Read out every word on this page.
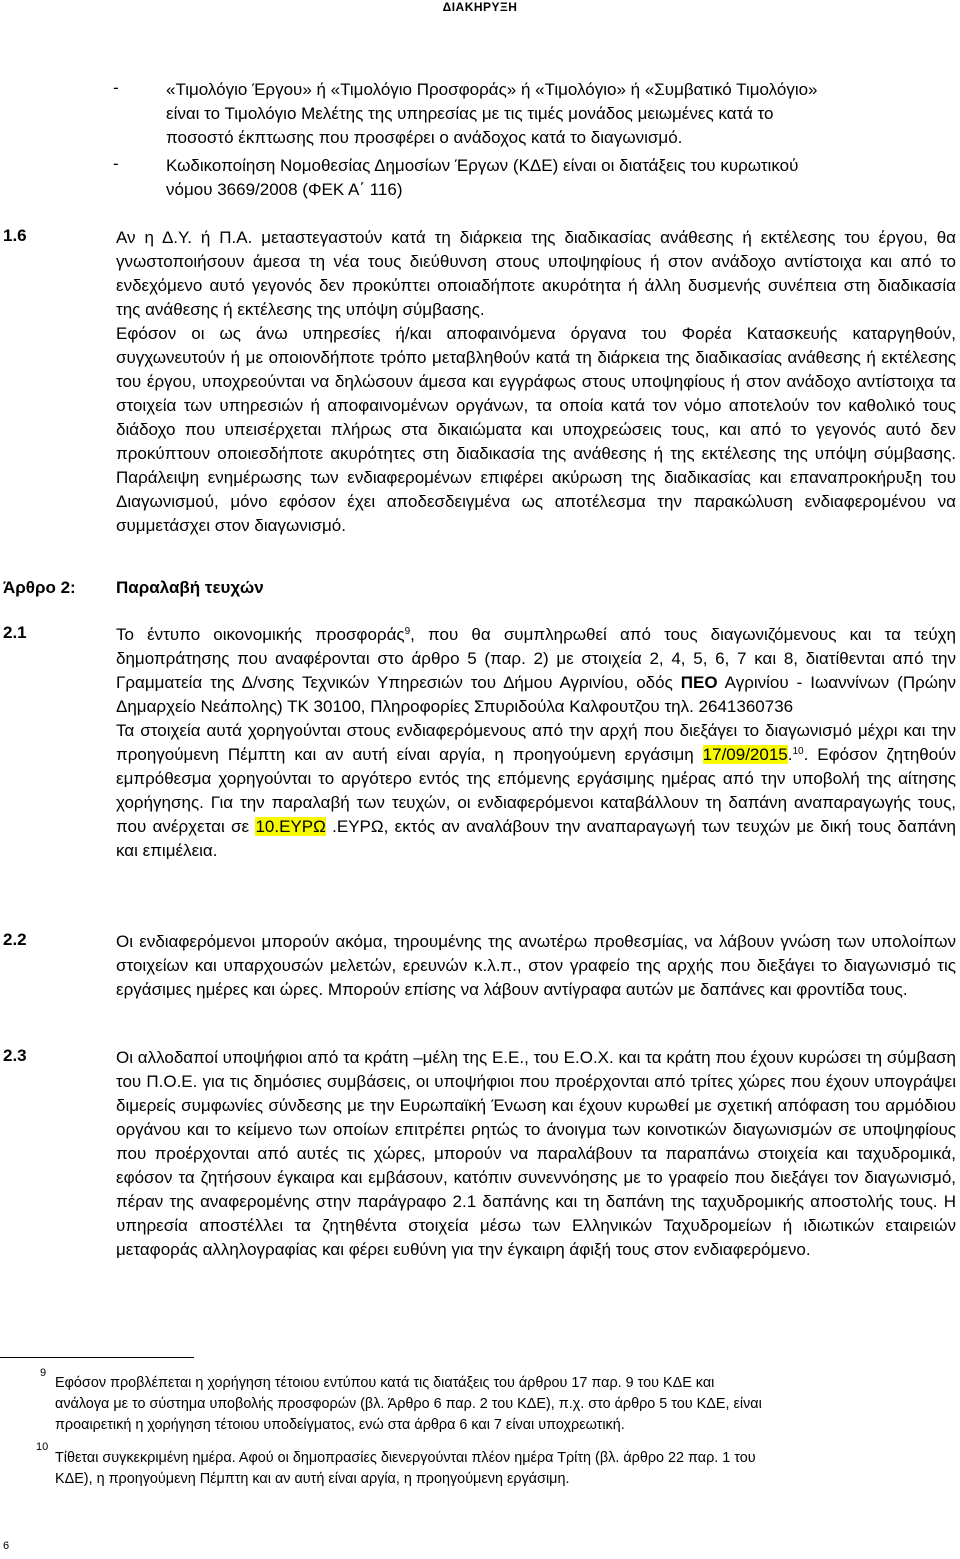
ΔΙΑΚΗΡΥΞΗ
-	«Τιμολόγιο Έργου» ή «Τιμολόγιο Προσφοράς» ή «Τιμολόγιο» ή «Συμβατικό Τιμολόγιο»

είναι το Τιμολόγιο Μελέτης της υπηρεσίας με τις τιμές μονάδος μειωμένες κατά το

ποσοστό έκπτωσης που προσφέρει ο ανάδοχος κατά το διαγωνισμό.

-	Κωδικοποίηση Νομοθεσίας Δημοσίων Έργων (ΚΔΕ) είναι οι διατάξεις του κυρωτικού

νόμου 3669/2008 (ΦΕΚ Α΄ 116)

1.6	Αν η Δ.Υ. ή Π.Α. μεταστεγαστούν κατά τη διάρκεια της διαδικασίας ανάθεσης ή εκτέλεσης του έργου, θα γνωστοποιήσουν άμεσα τη νέα τους διεύθυνση στους υποψηφίους ή στον ανάδοχο αντίστοιχα και από το ενδεχόμενο αυτό γεγονός δεν προκύπτει οποιαδήποτε ακυρότητα ή άλλη δυσμενής συνέπεια στη διαδικασία της ανάθεσης ή εκτέλεσης της υπόψη σύμβασης.

Εφόσον οι ως άνω υπηρεσίες ή/και αποφαινόμενα όργανα του Φορέα Κατασκευής καταργηθούν, συγχωνευτούν ή με οποιονδήποτε τρόπο μεταβληθούν κατά τη διάρκεια της διαδικασίας ανάθεσης ή εκτέλεσης του έργου, υποχρεούνται να δηλώσουν άμεσα και εγγράφως στους υποψηφίους ή στον ανάδοχο αντίστοιχα τα στοιχεία των υπηρεσιών ή αποφαινομένων οργάνων, τα οποία κατά τον νόμο αποτελούν τον καθολικό τους διάδοχο που υπεισέρχεται πλήρως στα δικαιώματα και υποχρεώσεις τους, και από το γεγονός αυτό δεν προκύπτουν οποιεσδήποτε ακυρότητες στη διαδικασία της ανάθεσης ή της εκτέλεσης της υπόψη σύμβασης. Παράλειψη ενημέρωσης των ενδιαφερομένων επιφέρει ακύρωση της διαδικασίας και επαναπροκήρυξη του Διαγωνισμού, μόνο εφόσον έχει αποδεσδειγμένα ως αποτέλεσμα την παρακώλυση ενδιαφερομένου να συμμετάσχει στον διαγωνισμό.

Άρθρο 2: Παραλαβή τευχών
2.1	Το έντυπο οικονομικής προσφοράς$^9$, που θα συμπληρωθεί από τους διαγωνιζόμενους και τα τεύχη δημοπράτησης που αναφέρονται στο άρθρο 5 (παρ. 2) με στοιχεία 2, 4, 5, 6, 7 και 8, διατίθενται από την Γραμματεία της Δ/νσης Τεχνικών Υπηρεσιών του Δήμου Αγρινίου, οδός ΠΕΟ Αγρινίου - Ιωαννίνων (Πρώην Δημαρχείο Νεάπολης) ΤΚ 30100, Πληροφορίες Σπυριδούλα Καλφουτζου τηλ. 2641360736

Τα στοιχεία αυτά χορηγούνται στους ενδιαφερόμενους από την αρχή που διεξάγει το διαγωνισμό μέχρι και την προηγούμενη Πέμπτη και αν αυτή είναι αργία, η προηγούμενη εργάσιμη 17/09/2015.10. Εφόσον ζητηθούν εμπρόθεσμα χορηγούνται το αργότερο εντός της επόμενης εργάσιμης ημέρας από την υποβολή της αίτησης χορήγησης. Για την παραλαβή των τευχών, οι ενδιαφερόμενοι καταβάλλουν τη δαπάνη αναπαραγωγής τους, που ανέρχεται σε 10.ΕΥΡΩ .ΕΥΡΩ, εκτός αν αναλάβουν την αναπαραγωγή των τευχών με δική τους δαπάνη και επιμέλεια.

2.2	Οι ενδιαφερόμενοι μπορούν ακόμα, τηρουμένης της ανωτέρω προθεσμίας, να λάβουν γνώση των υπολοίπων στοιχείων και υπαρχουσών μελετών, ερευνών κ.λ.π., στον γραφείο της αρχής που διεξάγει το διαγωνισμό τις εργάσιμες ημέρες και ώρες. Μπορούν επίσης να λάβουν αντίγραφα αυτών με δαπάνες και φροντίδα τους.

2.3	Οι αλλοδαποί υποψήφιοι από τα κράτη –μέλη της Ε.Ε., του Ε.Ο.Χ. και τα κράτη που έχουν κυρώσει τη σύμβαση του Π.Ο.Ε. για τις δημόσιες συμβάσεις, οι υποψήφιοι που προέρχονται από τρίτες χώρες που έχουν υπογράψει διμερείς συμφωνίες σύνδεσης με την Ευρωπαϊκή Ένωση και έχουν κυρωθεί με σχετική απόφαση του αρμόδιου οργάνου και το κείμενο των οποίων επιτρέπει ρητώς το άνοιγμα των κοινοτικών διαγωνισμών σε υποψηφίους που προέρχονται από αυτές τις χώρες, μπορούν να παραλάβουν τα παραπάνω στοιχεία και ταχυδρομικά, εφόσον τα ζητήσουν έγκαιρα και εμβάσουν, κατόπιν συνεννόησης με το γραφείο που διεξάγει τον διαγωνισμό, πέραν της αναφερομένης στην παράγραφο 2.1 δαπάνης και τη δαπάνη της ταχυδρομικής αποστολής τους. Η υπηρεσία αποστέλλει τα ζητηθέντα στοιχεία μέσω των Ελληνικών Ταχυδρομείων ή ιδιωτικών εταιρειών μεταφοράς αλληλογραφίας και φέρει ευθύνη για την έγκαιρη άφιξή τους στον ενδιαφερόμενο.

9

Εφόσον προβλέπεται η χορήγηση τέτοιου εντύπου κατά τις διατάξεις του άρθρου 17 παρ. 9 του ΚΔΕ και

ανάλογα με το σύστημα υποβολής προσφορών (βλ. Άρθρο 6 παρ. 2 του ΚΔΕ), π.χ. στο άρθρο 5 του ΚΔΕ, είναι

προαιρετική η χορήγηση τέτοιου υποδείγματος, ενώ στα άρθρα 6 και 7 είναι υποχρεωτική.

10

Τίθεται συγκεκριμένη ημέρα. Αφού οι δημοπρασίες διενεργούνται πλέον ημέρα Τρίτη (βλ. άρθρο 22 παρ. 1 του

ΚΔΕ), η προηγούμενη Πέμπτη και αν αυτή είναι αργία, η προηγούμενη εργάσιμη.

6
